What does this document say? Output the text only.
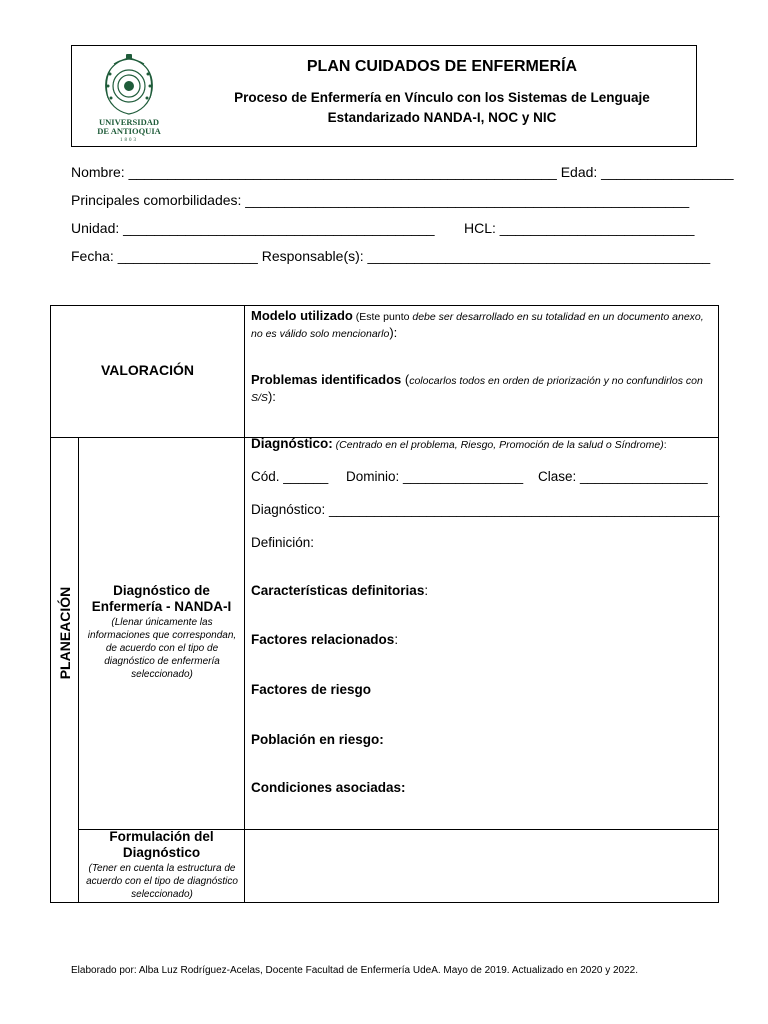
UNIVERSIDAD
DE ANTIOQUIA
1803
PLAN CUIDADOS DE ENFERMERÍA
Proceso de Enfermería en Vínculo con los Sistemas de Lenguaje
Estandarizado NANDA-I, NOC y NIC
Nombre: _______________________________________________________ Edad: _________________
Principales comorbilidades: _________________________________________________________
Unidad: ________________________________________ HCL: _________________________
Fecha: __________________ Responsable(s): ____________________________________________
VALORACIÓN
Modelo utilizado (Este punto debe ser desarrollado en su totalidad en un documento anexo, no es válido solo mencionarlo):
Problemas identificados (colocarlos todos en orden de priorización y no confundirlos con S/S):
PLANEACIÓN	Diagnóstico de Enfermería - NANDA-I
(Llenar únicamente las informaciones que correspondan, de acuerdo con el tipo de diagnóstico de enfermería seleccionado)
Diagnóstico: (Centrado en el problema, Riesgo, Promoción de la salud o Síndrome):
Cód. ______ Dominio: ________________ Clase: _________________
Diagnóstico: ____________________________________________________
Definición:
Características definitorias:
Factores relacionados:
Factores de riesgo
Población en riesgo:
Condiciones asociadas:
Formulación del Diagnóstico
(Tener en cuenta la estructura de acuerdo con el tipo de diagnóstico seleccionado)
Elaborado por: Alba Luz Rodríguez-Acelas, Docente Facultad de Enfermería UdeA. Mayo de 2019. Actualizado en 2020 y 2022.
